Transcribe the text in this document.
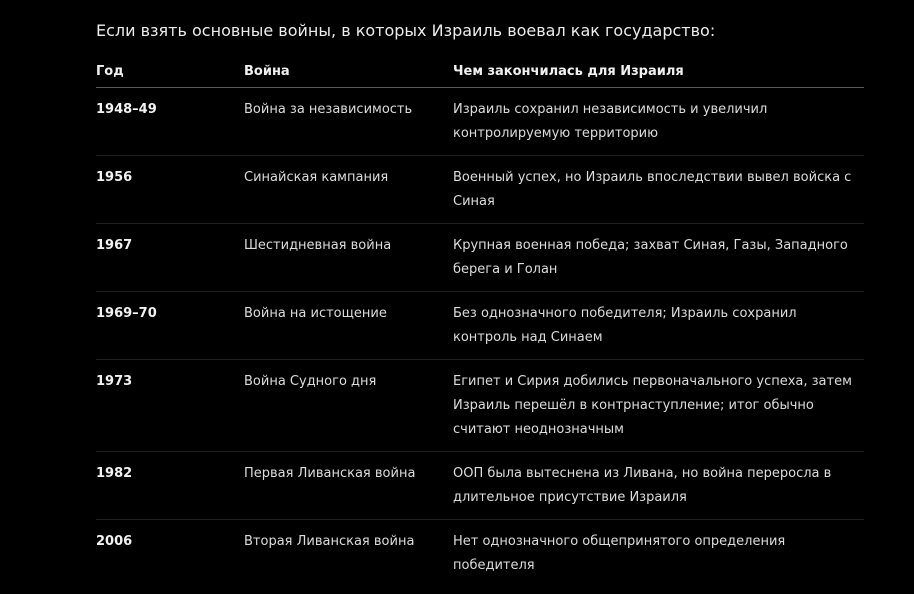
Если взять основные войны, в которых Израиль воевал как государство:

Год	Война	Чем закончилась для Израиля
1948–49	Война за независимость	Израиль сохранил независимость и увеличил контролируемую территорию
1956	Синайская кампания	Военный успех, но Израиль впоследствии вывел войска с Синая
1967	Шестидневная война	Крупная военная победа; захват Синая, Газы, Западного берега и Голан
1969–70	Война на истощение	Без однозначного победителя; Израиль сохранил контроль над Синаем
1973	Война Судного дня	Египет и Сирия добились первоначального успеха, затем Израиль перешёл в контрнаступление; итог обычно считают неоднозначным
1982	Первая Ливанская война	ООП была вытеснена из Ливана, но война переросла в длительное присутствие Израиля
2006	Вторая Ливанская война	Нет однозначного общепринятого определения победителя
